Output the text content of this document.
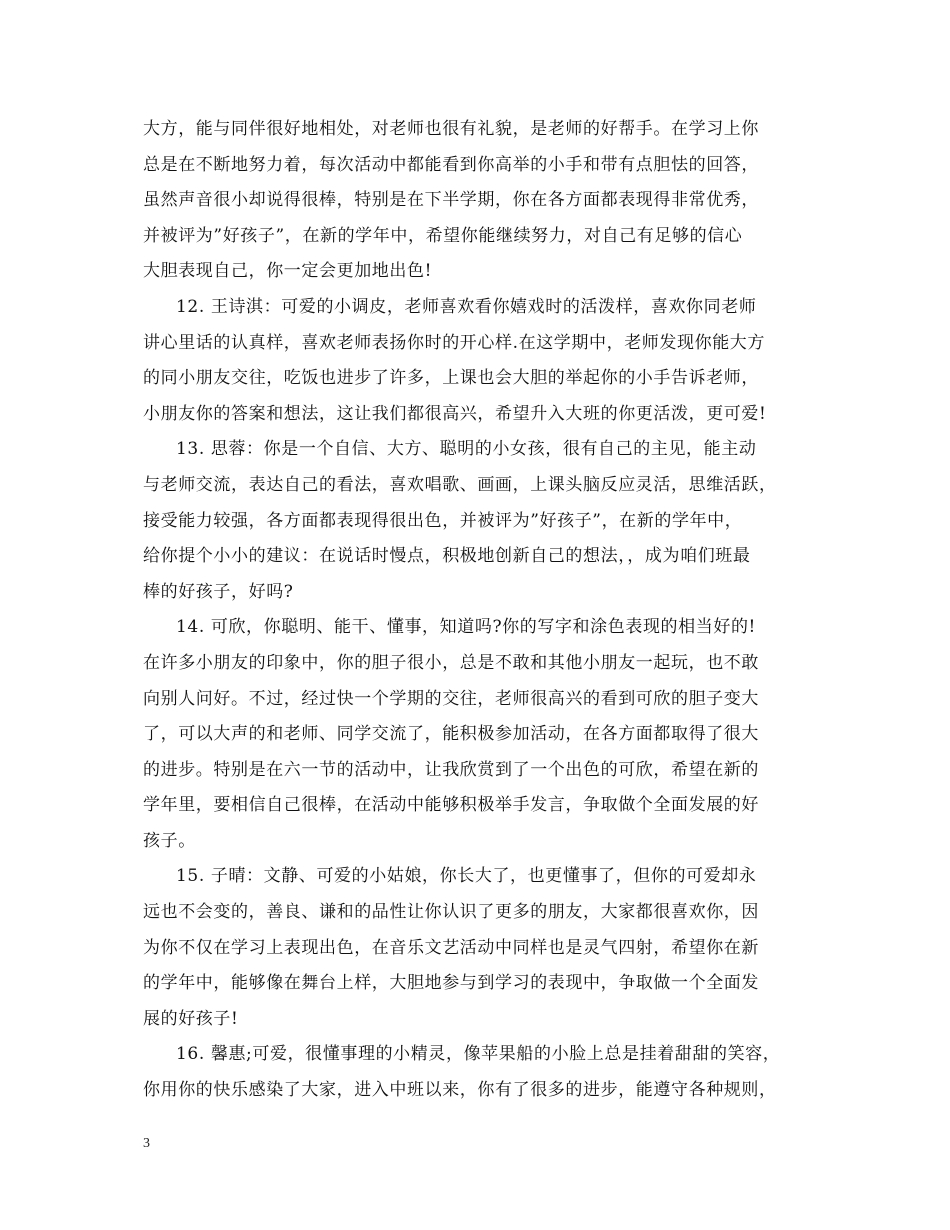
大方，能与同伴很好地相处，对老师也很有礼貌，是老师的好帮手。在学习上你
总是在不断地努力着，每次活动中都能看到你高举的小手和带有点胆怯的回答，
虽然声音很小却说得很棒，特别是在下半学期，你在各方面都表现得非常优秀，
并被评为”好孩子”，在新的学年中，希望你能继续努力，对自己有足够的信心
大胆表现自己，你一定会更加地出色!
12. 王诗淇：可爱的小调皮，老师喜欢看你嬉戏时的活泼样，喜欢你同老师
讲心里话的认真样，喜欢老师表扬你时的开心样.在这学期中，老师发现你能大方
的同小朋友交往，吃饭也进步了许多，上课也会大胆的举起你的小手告诉老师，
小朋友你的答案和想法，这让我们都很高兴，希望升入大班的你更活泼，更可爱!
13. 思蓉：你是一个自信、大方、聪明的小女孩，很有自己的主见，能主动
与老师交流，表达自己的看法，喜欢唱歌、画画，上课头脑反应灵活，思维活跃，
接受能力较强，各方面都表现得很出色，并被评为”好孩子”，在新的学年中，
给你提个小小的建议：在说话时慢点，积极地创新自己的想法，，成为咱们班最
棒的好孩子，好吗?
14. 可欣，你聪明、能干、懂事，知道吗?你的写字和涂色表现的相当好的!
在许多小朋友的印象中，你的胆子很小，总是不敢和其他小朋友一起玩，也不敢
向别人问好。不过，经过快一个学期的交往，老师很高兴的看到可欣的胆子变大
了，可以大声的和老师、同学交流了，能积极参加活动，在各方面都取得了很大
的进步。特别是在六一节的活动中，让我欣赏到了一个出色的可欣，希望在新的
学年里，要相信自己很棒，在活动中能够积极举手发言，争取做个全面发展的好
孩子。
15. 子晴：文静、可爱的小姑娘，你长大了，也更懂事了，但你的可爱却永
远也不会变的，善良、谦和的品性让你认识了更多的朋友，大家都很喜欢你，因
为你不仅在学习上表现出色，在音乐文艺活动中同样也是灵气四射，希望你在新
的学年中，能够像在舞台上样，大胆地参与到学习的表现中，争取做一个全面发
展的好孩子!
16. 馨惠;可爱，很懂事理的小精灵，像苹果船的小脸上总是挂着甜甜的笑容，
你用你的快乐感染了大家，进入中班以来，你有了很多的进步，能遵守各种规则，
3
